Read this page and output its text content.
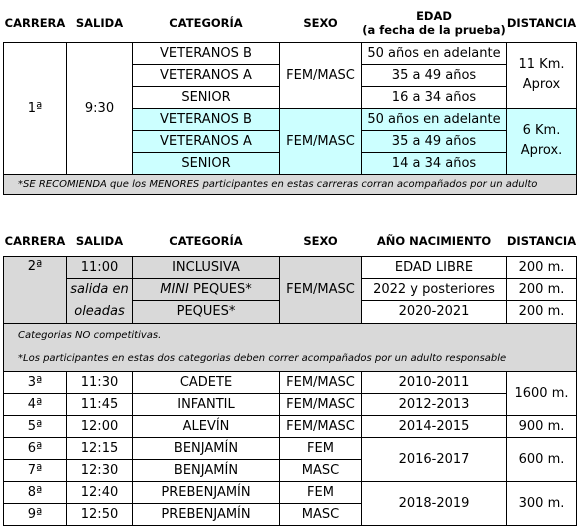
CARRERA	SALIDA	CATEGORÍA	SEXO	EDAD
(a fecha de la prueba)	DISTANCIA
1ª	9:30	VETERANOS B	FEM/MASC	50 años en adelante	11 Km.
Aprox

		VETERANOS A		35 a 49 años	
		SENIOR		16 a 34 años	
		VETERANOS B	FEM/MASC	50 años en adelante	6 Km.
Aprox.

		VETERANOS A		35 a 49 años	
		SENIOR		14 a 34 años	
*SE RECOMIENDA que los MENORES participantes en estas carreras corran acompañados por un adulto					
CARRERA	SALIDA	CATEGORÍA	SEXO	AÑO NACIMIENTO	DISTANCIA
2ª	11:00	INCLUSIVA	FEM/MASC	EDAD LIBRE	200 m.

	salida en
oleadas	MINI PEQUES*		2022 y posteriores	200 m.
		PEQUES*		2020-2021	200 m.
Categorias NO competitivas.					
*Los participantes en estas dos categorias deben correr acompañados por un adulto responsable					
3ª	11:30	CADETE	FEM/MASC	2010-2011	1600 m.
4ª	11:45	INFANTIL	FEM/MASC	2012-2013	
5ª	12:00	ALEVÍN	FEM/MASC	2014-2015	900 m.
6ª	12:15	BENJAMÍN	FEM	2016-2017	600 m.
7ª	12:30	BENJAMÍN	MASC		
8ª	12:40	PREBENJAMÍN	FEM	2018-2019	300 m.
9ª	12:50	PREBENJAMÍN	MASC		
